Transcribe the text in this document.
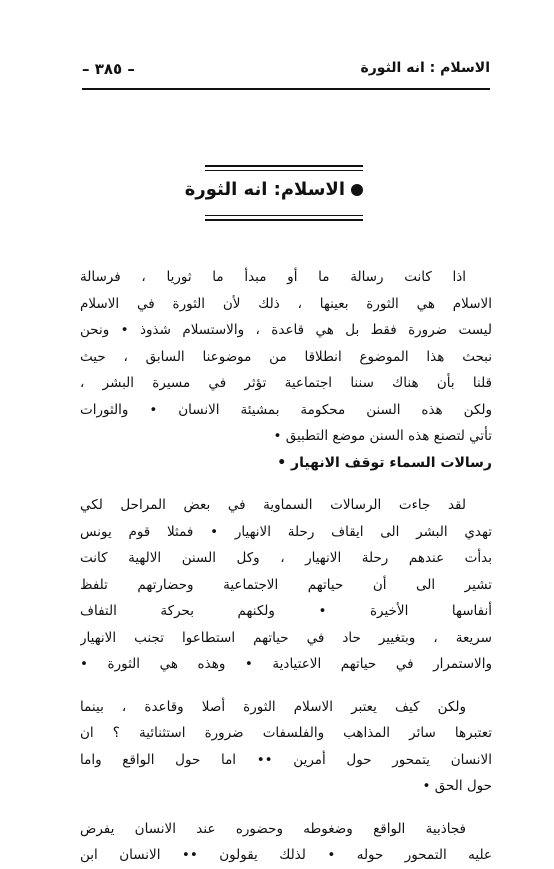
– ٣٨٥ –	الاسلام : انه الثورة
الاسلام: انه الثورة
اذا كانت رسالة ما أو مبدأ ما ثوريا ، فرسالة
الاسلام هي الثورة بعينها ، ذلك لأن الثورة في الاسلام
ليست ضرورة فقط بل هي قاعدة ، والاستسلام شذوذ • ونحن
نبحث هذا الموضوع انطلاقا من موضوعنا السابق ، حيث
قلنا بأن هناك سننا اجتماعية تؤثر في مسيرة البشر ،
ولكن هذه السنن محكومة بمشيئة الانسان • والثورات
تأتي لتصنع هذه السنن موضع التطبيق •
رسالات السماء توقف الانهيار •
لقد جاءت الرسالات السماوية في بعض المراحل لكي
تهدي البشر الى ايقاف رحلة الانهيار • فمثلا قوم يونس
بدأت عندهم رحلة الانهيار ، وكل السنن الالهية كانت
تشير الى أن حياتهم الاجتماعية وحضارتهم تلفظ
أنفاسها الأخيرة • ولكنهم بحركة التفاف
سريعة ، وبتغيير حاد في حياتهم استطاعوا تجنب الانهيار
والاستمرار في حياتهم الاعتيادية • وهذه هي الثورة •
ولكن كيف يعتبر الاسلام الثورة أصلا وقاعدة ، بينما
تعتبرها سائر المذاهب والفلسفات ضرورة استثنائية ؟ ان
الانسان يتمحور حول أمرين •• اما حول الواقع واما
حول الحق •
فجاذبية الواقع وضغوطه وحضوره عند الانسان يفرض
عليه التمحور حوله • لذلك يقولون •• الانسان ابن
